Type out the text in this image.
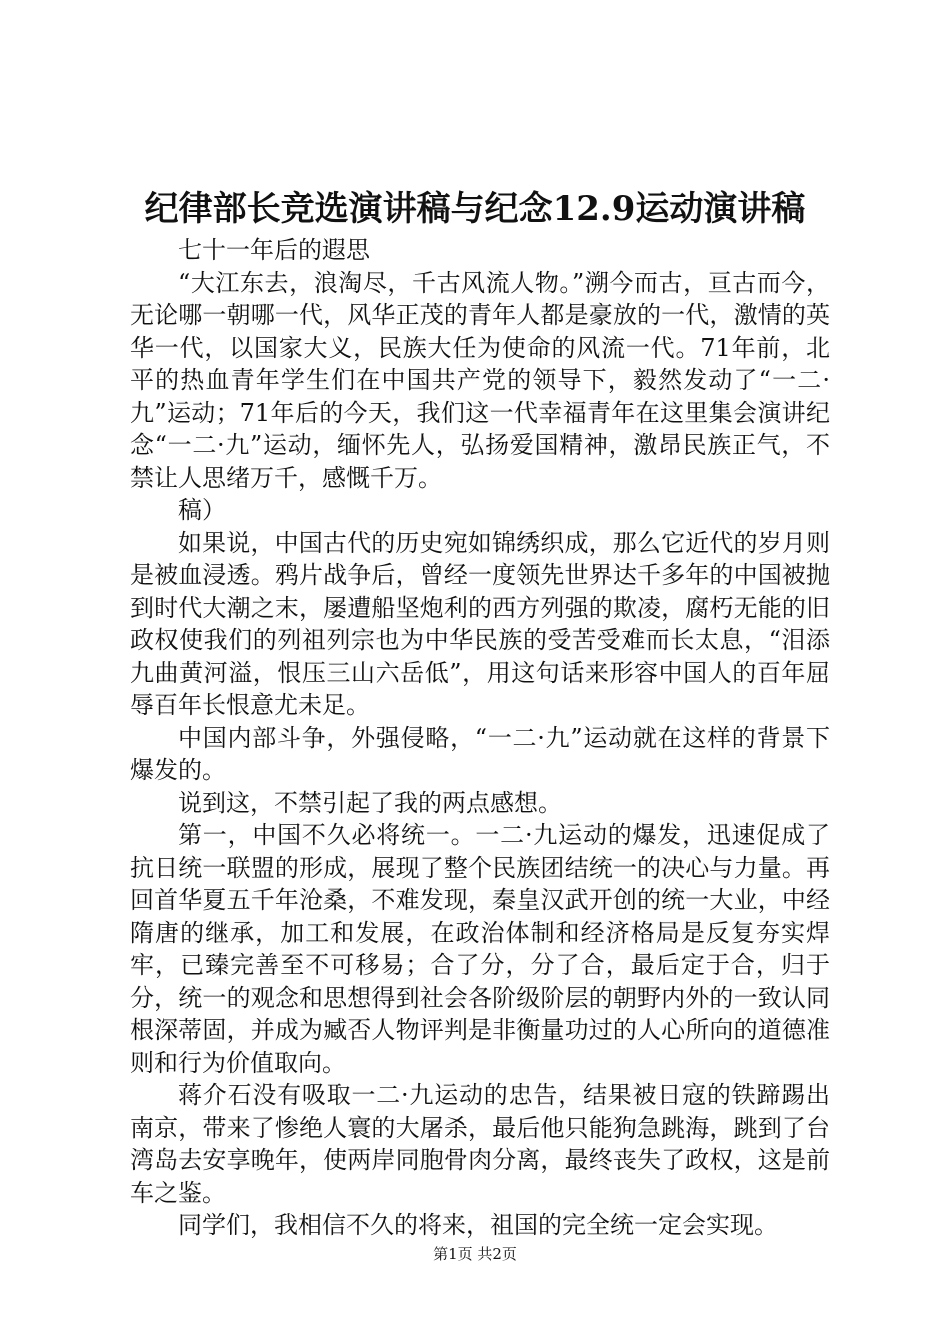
纪律部长竞选演讲稿与纪念12.9运动演讲稿

七十一年后的遐思

“大江东去，浪淘尽，千古风流人物。”溯今而古，亘古而今，无论哪一朝哪一代，风华正茂的青年人都是豪放的一代，激情的英华一代，以国家大义，民族大任为使命的风流一代。71年前，北平的热血青年学生们在中国共产党的领导下，毅然发动了“一二·九”运动；71年后的今天，我们这一代幸福青年在这里集会演讲纪念“一二·九”运动，缅怀先人，弘扬爱国精神，激昂民族正气，不禁让人思绪万千，感慨千万。

稿）

如果说，中国古代的历史宛如锦绣织成，那么它近代的岁月则是被血浸透。鸦片战争后，曾经一度领先世界达千多年的中国被抛到时代大潮之末，屡遭船坚炮利的西方列强的欺凌，腐朽无能的旧政权使我们的列祖列宗也为中华民族的受苦受难而长太息，“泪添九曲黄河溢，恨压三山六岳低”，用这句话来形容中国人的百年屈辱百年长恨意尤未足。

中国内部斗争，外强侵略，“一二·九”运动就在这样的背景下爆发的。

说到这，不禁引起了我的两点感想。

第一，中国不久必将统一。一二·九运动的爆发，迅速促成了抗日统一联盟的形成，展现了整个民族团结统一的决心与力量。再回首华夏五千年沧桑，不难发现，秦皇汉武开创的统一大业，中经隋唐的继承，加工和发展，在政治体制和经济格局是反复夯实焊牢，已臻完善至不可移易；合了分，分了合，最后定于合，归于分，统一的观念和思想得到社会各阶级阶层的朝野内外的一致认同根深蒂固，并成为臧否人物评判是非衡量功过的人心所向的道德准则和行为价值取向。

蒋介石没有吸取一二·九运动的忠告，结果被日寇的铁蹄踢出南京，带来了惨绝人寰的大屠杀，最后他只能狗急跳海，跳到了台湾岛去安享晚年，使两岸同胞骨肉分离，最终丧失了政权，这是前车之鉴。

同学们，我相信不久的将来，祖国的完全统一定会实现。

第1页 共2页
